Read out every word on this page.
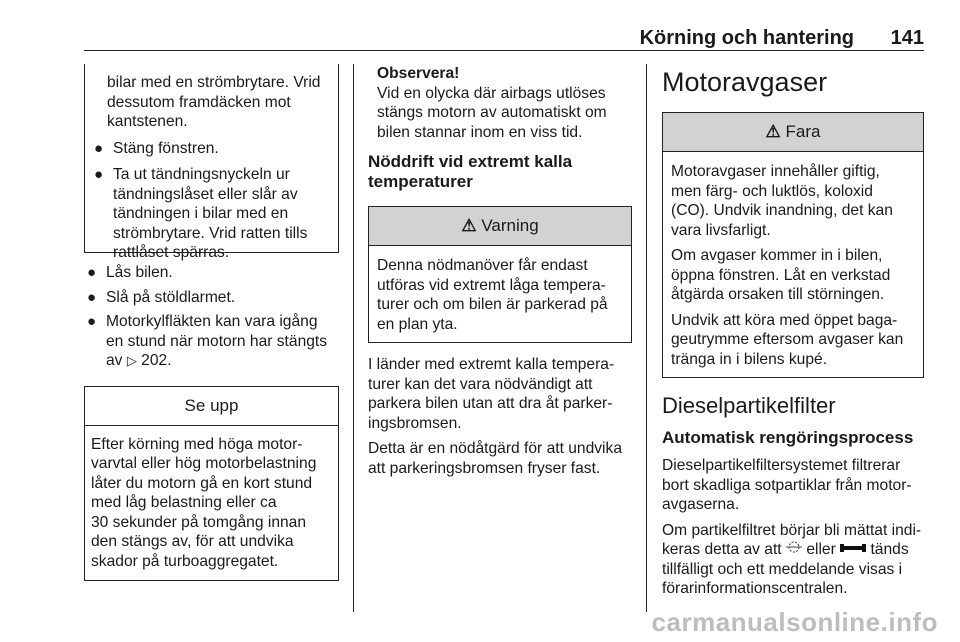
Körning och hantering 141

bilar med en strömbrytare. Vrid

dessutom framdäcken mot

kantstenen.

● Stäng fönstren.

● Ta ut tändningsnyckeln ur

tändningslåset eller slår av

tändningen i bilar med en

strömbrytare. Vrid ratten tills

rattlåset spärras.

● Lås bilen.

● Slå på stöldlarmet.

● Motorkylfläkten kan vara igång

en stund när motorn har stängts

av ▷ 202.

Se upp

Efter körning med höga motor-

varvtal eller hög motorbelastning

låter du motorn gå en kort stund

med låg belastning eller ca

30 sekunder på tomgång innan

den stängs av, för att undvika

skador på turboaggregatet.

Observera!

Vid en olycka där airbags utlöses

stängs motorn av automatiskt om

bilen stannar inom en viss tid.

Nöddrift vid extremt kalla

temperaturer

⚠ Varning

Denna nödmanöver får endast

utföras vid extremt låga tempera-

turer och om bilen är parkerad på

en plan yta.

I länder med extremt kalla tempera-

turer kan det vara nödvändigt att

parkera bilen utan att dra åt parker-

ingsbromsen.

Detta är en nödåtgärd för att undvika

att parkeringsbromsen fryser fast.

Motoravgaser
⚠ Fara

Motoravgaser innehåller giftig,

men färg- och luktlös, koloxid

(CO). Undvik inandning, det kan

vara livsfarligt.

Om avgaser kommer in i bilen,

öppna fönstren. Låt en verkstad

åtgärda orsaken till störningen.

Undvik att köra med öppet baga-

geutrymme eftersom avgaser kan

tränga in i bilens kupé.

Dieselpartikelfilter
Automatisk rengöringsprocess

Dieselpartikelfiltersystemet filtrerar

bort skadliga sotpartiklar från motor-

avgaserna.

Om partikelfiltret börjar bli mättat indi-

keras detta av att eller tänds

tillfälligt och ett meddelande visas i

förarinformationscentralen.

carmanualsonline.info
